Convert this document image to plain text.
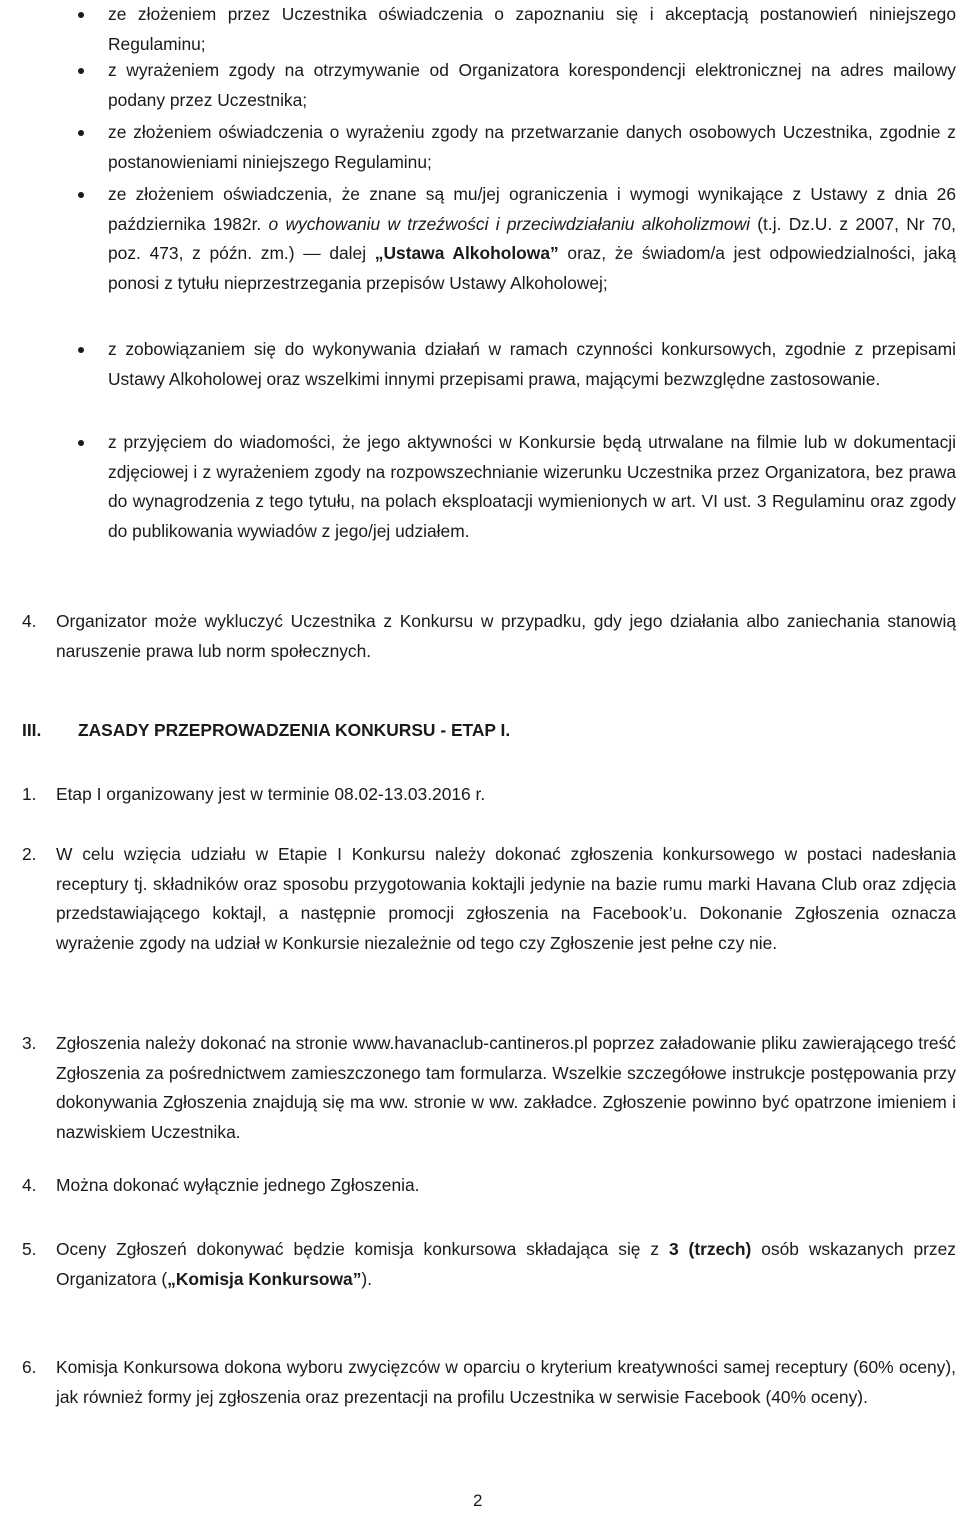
ze złożeniem przez Uczestnika oświadczenia o zapoznaniu się i akceptacją postanowień niniejszego Regulaminu;

z wyrażeniem zgody na otrzymywanie od Organizatora korespondencji elektronicznej na adres mailowy podany przez Uczestnika;

ze złożeniem oświadczenia o wyrażeniu zgody na przetwarzanie danych osobowych Uczestnika, zgodnie z postanowieniami niniejszego Regulaminu;

ze złożeniem oświadczenia, że znane są mu/jej ograniczenia i wymogi wynikające z Ustawy z dnia 26 października 1982r. o wychowaniu w trzeźwości i przeciwdziałaniu alkoholizmowi (t.j. Dz.U. z 2007, Nr 70, poz. 473, z późn. zm.) — dalej „Ustawa Alkoholowa” oraz, że świadom/a jest odpowiedzialności, jaką ponosi z tytułu nieprzestrzegania przepisów Ustawy Alkoholowej;

z zobowiązaniem się do wykonywania działań w ramach czynności konkursowych, zgodnie z przepisami Ustawy Alkoholowej oraz wszelkimi innymi przepisami prawa, mającymi bezwzględne zastosowanie.

z przyjęciem do wiadomości, że jego aktywności w Konkursie będą utrwalane na filmie lub w dokumentacji zdjęciowej i z wyrażeniem zgody na rozpowszechnianie wizerunku Uczestnika przez Organizatora, bez prawa do wynagrodzenia z tego tytułu, na polach eksploatacji wymienionych w art. VI ust. 3 Regulaminu oraz zgody do publikowania wywiadów z jego/jej udziałem.

4. Organizator może wykluczyć Uczestnika z Konkursu w przypadku, gdy jego działania albo zaniechania stanowią naruszenie prawa lub norm społecznych.

III. ZASADY PRZEPROWADZENIA KONKURSU - ETAP I.
1. Etap I organizowany jest w terminie 08.02-13.03.2016 r.

2. W celu wzięcia udziału w Etapie I Konkursu należy dokonać zgłoszenia konkursowego w postaci nadesłania receptury tj. składników oraz sposobu przygotowania koktajli jedynie na bazie rumu marki Havana Club oraz zdjęcia przedstawiającego koktajl, a następnie promocji zgłoszenia na Facebook’u. Dokonanie Zgłoszenia oznacza wyrażenie zgody na udział w Konkursie niezależnie od tego czy Zgłoszenie jest pełne czy nie.

3. Zgłoszenia należy dokonać na stronie www.havanaclub-cantineros.pl poprzez załadowanie pliku zawierającego treść Zgłoszenia za pośrednictwem zamieszczonego tam formularza. Wszelkie szczegółowe instrukcje postępowania przy dokonywania Zgłoszenia znajdują się ma ww. stronie w ww. zakładce. Zgłoszenie powinno być opatrzone imieniem i nazwiskiem Uczestnika.

4. Można dokonać wyłącznie jednego Zgłoszenia.

5. Oceny Zgłoszeń dokonywać będzie komisja konkursowa składająca się z 3 (trzech) osób wskazanych przez Organizatora („Komisja Konkursowa”).

6. Komisja Konkursowa dokona wyboru zwycięzców w oparciu o kryterium kreatywności samej receptury (60% oceny), jak również formy jej zgłoszenia oraz prezentacji na profilu Uczestnika w serwisie Facebook (40% oceny).

2
